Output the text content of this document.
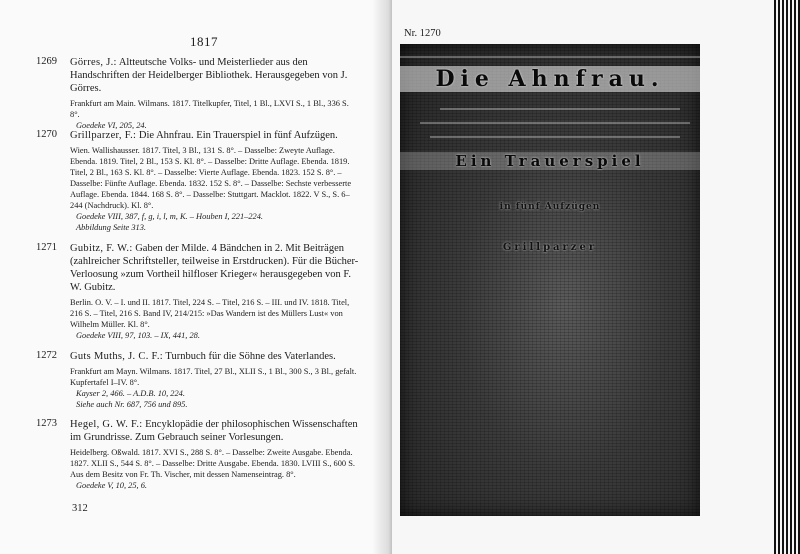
1817
1269 Görres, J.: Altteutsche Volks- und Meisterlieder aus den Handschriften der Heidelberger Bibliothek. Herausgegeben von J. Görres.
Frankfurt am Main. Wilmans. 1817. Titelkupfer, Titel, 1 Bl., LXVI S., 1 Bl., 336 S. 8°.
Goedeke VI, 205, 24.
1270 Grillparzer, F.: Die Ahnfrau. Ein Trauerspiel in fünf Aufzügen.
Wien. Wallishausser. 1817. Titel, 3 Bl., 131 S. 8°. – Dasselbe: Zweyte Auflage. Ebenda. 1819. Titel, 2 Bl., 153 S. Kl. 8°. – Dasselbe: Dritte Auflage. Ebenda. 1819. Titel, 2 Bl., 163 S. Kl. 8°. – Dasselbe: Vierte Auflage. Ebenda. 1823. 152 S. 8°. – Dasselbe: Fünfte Auflage. Ebenda. 1832. 152 S. 8°. – Dasselbe: Sechste verbesserte Auflage. Ebenda. 1844. 168 S. 8°. – Dasselbe: Stuttgart. Macklot. 1822. V S., S. 6–244 (Nachdruck). Kl. 8°.
Goedeke VIII, 387, f, g, i, l, m, K. – Houben I, 221–224.
Abbildung Seite 313.
1271 Gubitz, F. W.: Gaben der Milde. 4 Bändchen in 2. Mit Beiträgen (zahlreicher Schriftsteller, teilweise in Erstdrucken). Für die Bücher-Verloosung »zum Vortheil hilfloser Krieger« herausgegeben von F. W. Gubitz.
Berlin. O. V. – I. und II. 1817. Titel, 224 S. – Titel, 216 S. – III. und IV. 1818. Titel, 216 S. – Titel, 216 S. Band IV, 214/215: »Das Wandern ist des Müllers Lust« von Wilhelm Müller. Kl. 8°.
Goedeke VIII, 97, 103. – IX, 441, 28.
1272 Guts Muths, J. C. F.: Turnbuch für die Söhne des Vaterlandes.
Frankfurt am Mayn. Wilmans. 1817. Titel, 27 Bl., XLII S., 1 Bl., 300 S., 3 Bl., gefalt. Kupfertafel I–IV. 8°.
Kayser 2, 466. – A.D.B. 10, 224.
Siehe auch Nr. 687, 756 und 895.
1273 Hegel, G. W. F.: Encyklopädie der philosophischen Wissenschaften im Grundrisse. Zum Gebrauch seiner Vorlesungen.
Heidelberg. Oßwald. 1817. XVI S., 288 S. 8°. – Dasselbe: Zweite Ausgabe. Ebenda. 1827. XLII S., 544 S. 8°. – Dasselbe: Dritte Ausgabe. Ebenda. 1830. LVIII S., 600 S. Aus dem Besitz von Fr. Th. Vischer, mit dessen Namenseintrag. 8°.
Goedeke V, 10, 25, 6.
312
Nr. 1270
Die Ahnfrau.
Ein Trauerspiel
in fünf Aufzügen
Grillparzer
